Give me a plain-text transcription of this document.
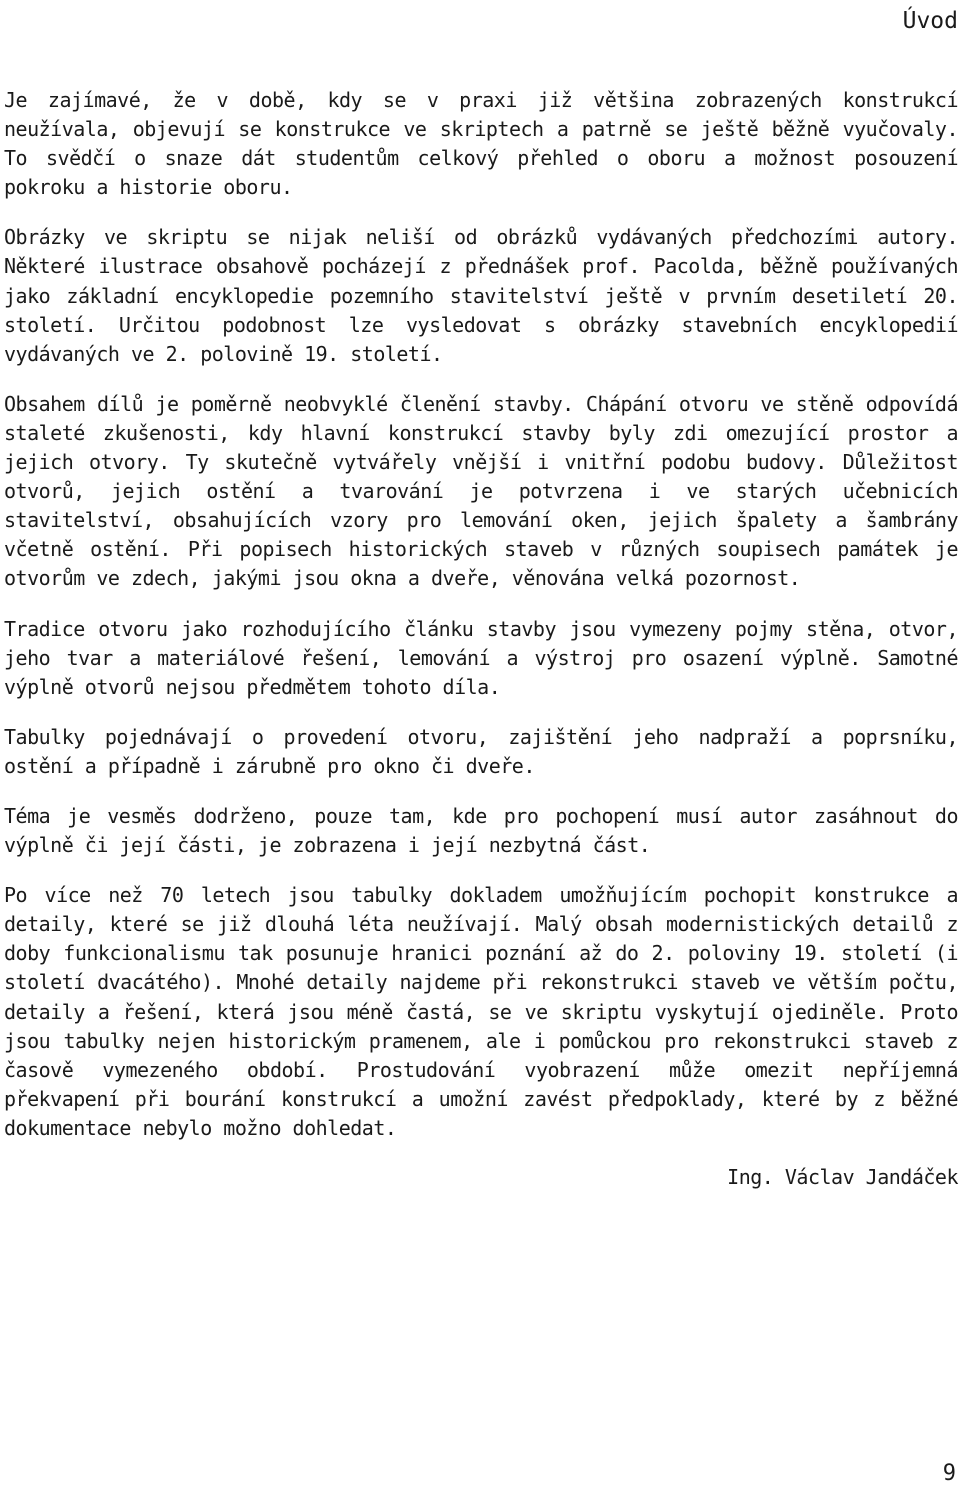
Úvod

Je zajímavé, že v době, kdy se v praxi již většina zobrazených konstrukcí neužívala, objevují se konstrukce ve skriptech a patrně se ještě běžně vyučovaly. To svědčí o snaze dát studentům celkový přehled o oboru a možnost posouzení pokroku a historie oboru.

Obrázky ve skriptu se nijak neliší od obrázků vydávaných předchozími autory. Některé ilustrace obsahově pocházejí z přednášek prof. Pacolda, běžně používaných jako základní encyklopedie pozemního stavitelství ještě v prvním desetiletí 20. století. Určitou podobnost lze vysledovat s obrázky stavebních encyklopedií vydávaných ve 2. polovině 19. století.

Obsahem dílů je poměrně neobvyklé členění stavby. Chápání otvoru ve stěně odpovídá staleté zkušenosti, kdy hlavní konstrukcí stavby byly zdi omezující prostor a jejich otvory. Ty skutečně vytvářely vnější i vnitřní podobu budovy. Důležitost otvorů, jejich ostění a tvarování je potvrzena i ve starých učebnicích stavitelství, obsahujících vzory pro lemování oken, jejich špalety a šambrány včetně ostění. Při popisech historických staveb v různých soupisech památek je otvorům ve zdech, jakými jsou okna a dveře, věnována velká pozornost.

Tradice otvoru jako rozhodujícího článku stavby jsou vymezeny pojmy stěna, otvor, jeho tvar a materiálové řešení, lemování a výstroj pro osazení výplně. Samotné výplně otvorů nejsou předmětem tohoto díla.

Tabulky pojednávají o provedení otvoru, zajištění jeho nadpraží a poprsníku, ostění a případně i zárubně pro okno či dveře.

Téma je vesměs dodrženo, pouze tam, kde pro pochopení musí autor zasáhnout do výplně či její části, je zobrazena i její nezbytná část.

Po více než 70 letech jsou tabulky dokladem umožňujícím pochopit konstrukce a detaily, které se již dlouhá léta neužívají. Malý obsah modernistických detailů z doby funkcionalismu tak posunuje hranici poznání až do 2. poloviny 19. století (i století dvacátého). Mnohé detaily najdeme při rekonstrukci staveb ve větším počtu, detaily a řešení, která jsou méně častá, se ve skriptu vyskytují ojediněle. Proto jsou tabulky nejen historickým pramenem, ale i pomůckou pro rekonstrukci staveb z časově vymezeného období. Prostudování vyobrazení může omezit nepříjemná překvapení při bourání konstrukcí a umožní zavést předpoklady, které by z běžné dokumentace nebylo možno dohledat.

Ing. Václav Jandáček

9
